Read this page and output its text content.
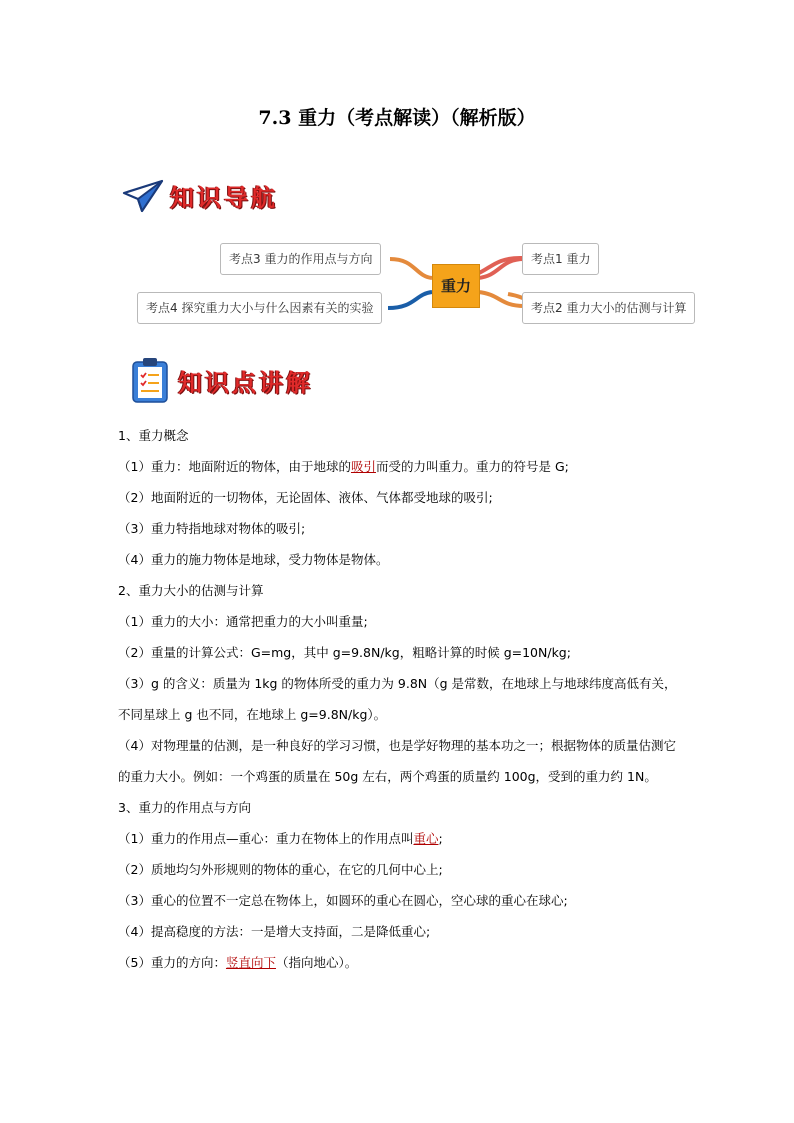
7.3 重力（考点解读）（解析版）
知识导航
考点3 重力的作用点与方向
考点4 探究重力大小与什么因素有关的实验
重力
考点1 重力
考点2 重力大小的估测与计算
知识点讲解

1、重力概念

（1）重力：地面附近的物体，由于地球的吸引而受的力叫重力。重力的符号是 G;

（2）地面附近的一切物体，无论固体、液体、气体都受地球的吸引;

（3）重力特指地球对物体的吸引;

（4）重力的施力物体是地球，受力物体是物体。

2、重力大小的估测与计算

（1）重力的大小：通常把重力的大小叫重量;

（2）重量的计算公式：G=mg，其中 g=9.8N/kg，粗略计算的时候 g=10N/kg;

（3）g 的含义：质量为 1kg 的物体所受的重力为 9.8N（g 是常数，在地球上与地球纬度高低有关，不同星球上 g 也不同，在地球上 g=9.8N/kg）。

（4）对物理量的估测，是一种良好的学习习惯，也是学好物理的基本功之一；根据物体的质量估测它的重力大小。例如：一个鸡蛋的质量在 50g 左右，两个鸡蛋的质量约 100g，受到的重力约 1N。

3、重力的作用点与方向

（1）重力的作用点—重心：重力在物体上的作用点叫重心;

（2）质地均匀外形规则的物体的重心，在它的几何中心上;

（3）重心的位置不一定总在物体上，如圆环的重心在圆心，空心球的重心在球心;

（4）提高稳度的方法：一是增大支持面，二是降低重心;

（5）重力的方向：竖直向下（指向地心）。
